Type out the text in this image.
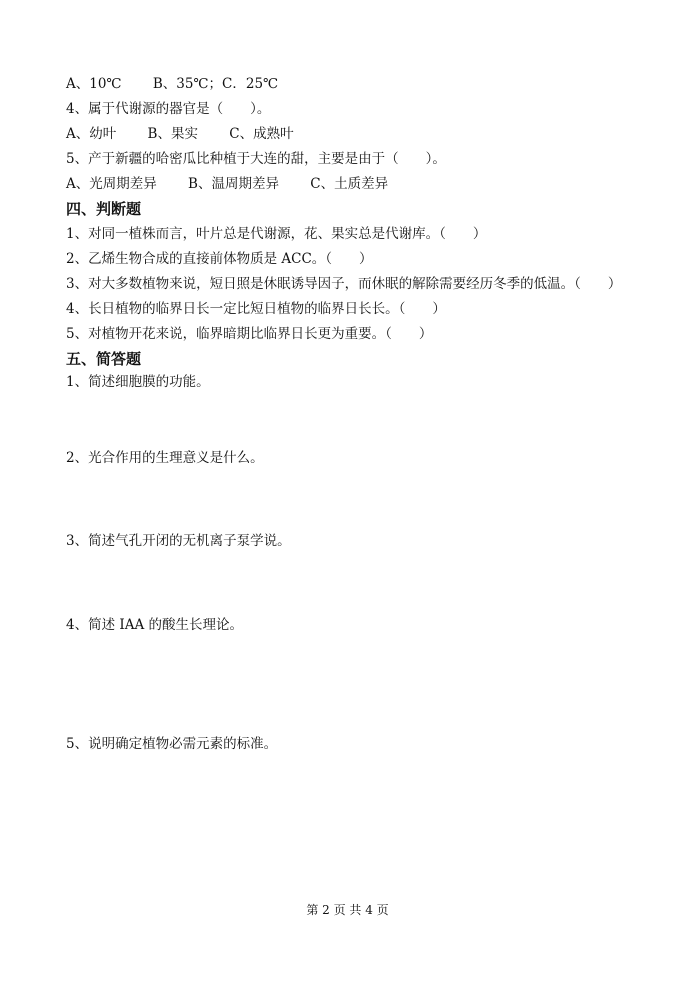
A、10℃　　 B、35℃；C．25℃
4、属于代谢源的器官是（　　）。
A、幼叶　　 B、果实　　 C、成熟叶
5、产于新疆的哈密瓜比种植于大连的甜，主要是由于（　　）。
A、光周期差异　　 B、温周期差异　　 C、土质差异
四、判断题
1、对同一植株而言，叶片总是代谢源，花、果实总是代谢库。（　　）
2、乙烯生物合成的直接前体物质是 ACC。（　　）
3、对大多数植物来说，短日照是休眠诱导因子，而休眠的解除需要经历冬季的低温。（　　）
4、长日植物的临界日长一定比短日植物的临界日长长。（　　）
5、对植物开花来说，临界暗期比临界日长更为重要。（　　）
五、简答题
1、简述细胞膜的功能。
2、光合作用的生理意义是什么。
3、简述气孔开闭的无机离子泵学说。
4、简述 IAA 的酸生长理论。
5、说明确定植物必需元素的标准。
第 2 页 共 4 页
